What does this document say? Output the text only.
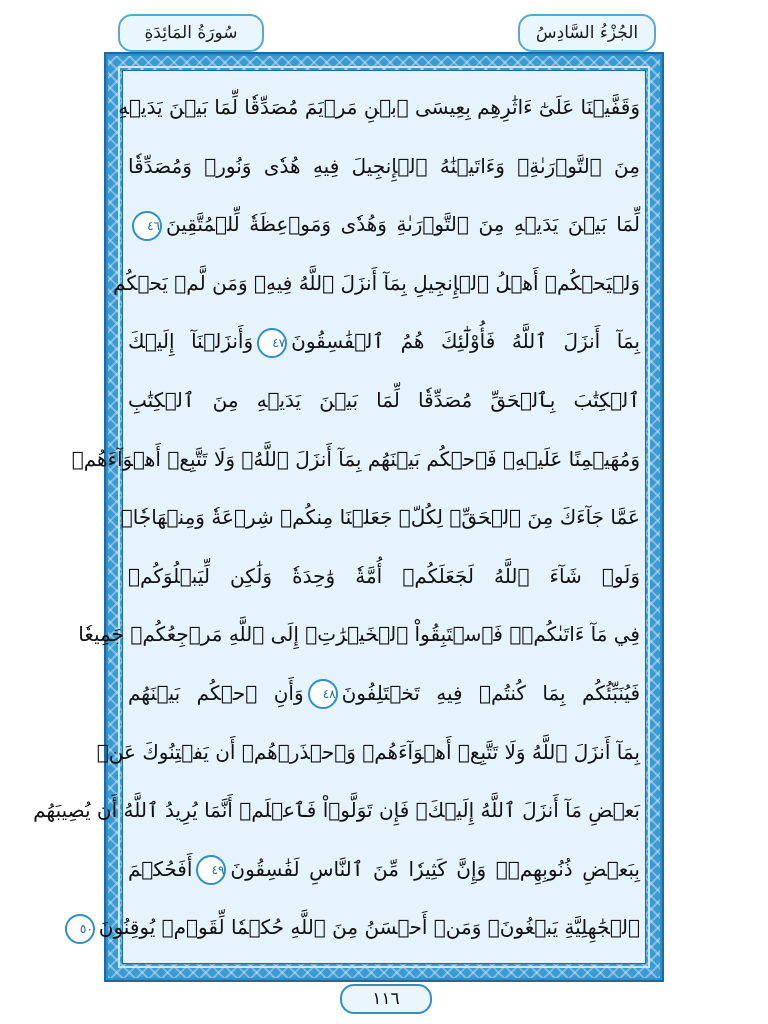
سُورَةُ المَائِدَةِ	الجُزْءُ السَّادِسُ
وَقَفَّيۡنَا عَلَىٰٓ ءَاثَٰرِهِم بِعِيسَى ٱبۡنِ مَرۡيَمَ مُصَدِّقٗا لِّمَا بَيۡنَ يَدَيۡهِ
مِنَ ٱلتَّوۡرَىٰةِۖ وَءَاتَيۡنَٰهُ ٱلۡإِنجِيلَ فِيهِ هُدٗى وَنُورٞ وَمُصَدِّقٗا
لِّمَا بَيۡنَ يَدَيۡهِ مِنَ ٱلتَّوۡرَىٰةِ وَهُدٗى وَمَوۡعِظَةٗ لِّلۡمُتَّقِينَ٤٦
وَلۡيَحۡكُمۡ أَهۡلُ ٱلۡإِنجِيلِ بِمَآ أَنزَلَ ٱللَّهُ فِيهِۚ وَمَن لَّمۡ يَحۡكُم
بِمَآ أَنزَلَ ٱللَّهُ فَأُوْلَٰٓئِكَ هُمُ ٱلۡفَٰسِقُونَ٤٧وَأَنزَلۡنَآ إِلَيۡكَ
ٱلۡكِتَٰبَ بِٱلۡحَقِّ مُصَدِّقٗا لِّمَا بَيۡنَ يَدَيۡهِ مِنَ ٱلۡكِتَٰبِ
وَمُهَيۡمِنًا عَلَيۡهِۖ فَٱحۡكُم بَيۡنَهُم بِمَآ أَنزَلَ ٱللَّهُۖ وَلَا تَتَّبِعۡ أَهۡوَآءَهُمۡ
عَمَّا جَآءَكَ مِنَ ٱلۡحَقِّۚ لِكُلّٖ جَعَلۡنَا مِنكُمۡ شِرۡعَةٗ وَمِنۡهَاجٗاۚ
وَلَوۡ شَآءَ ٱللَّهُ لَجَعَلَكُمۡ أُمَّةٗ وَٰحِدَةٗ وَلَٰكِن لِّيَبۡلُوَكُمۡ
فِي مَآ ءَاتَىٰكُمۡۖ فَٱسۡتَبِقُواْ ٱلۡخَيۡرَٰتِۚ إِلَى ٱللَّهِ مَرۡجِعُكُمۡ جَمِيعٗا
فَيُنَبِّئُكُم بِمَا كُنتُمۡ فِيهِ تَخۡتَلِفُونَ٤٨وَأَنِ ٱحۡكُم بَيۡنَهُم
بِمَآ أَنزَلَ ٱللَّهُ وَلَا تَتَّبِعۡ أَهۡوَآءَهُمۡ وَٱحۡذَرۡهُمۡ أَن يَفۡتِنُوكَ عَنۢ
بَعۡضِ مَآ أَنزَلَ ٱللَّهُ إِلَيۡكَۖ فَإِن تَوَلَّوۡاْ فَٱعۡلَمۡ أَنَّمَا يُرِيدُ ٱللَّهُ أَن يُصِيبَهُم
بِبَعۡضِ ذُنُوبِهِمۡۗ وَإِنَّ كَثِيرٗا مِّنَ ٱلنَّاسِ لَفَٰسِقُونَ٤٩أَفَحُكۡمَ
ٱلۡجَٰهِلِيَّةِ يَبۡغُونَۚ وَمَنۡ أَحۡسَنُ مِنَ ٱللَّهِ حُكۡمٗا لِّقَوۡمٖ يُوقِنُونَ٥٠
١١٦
